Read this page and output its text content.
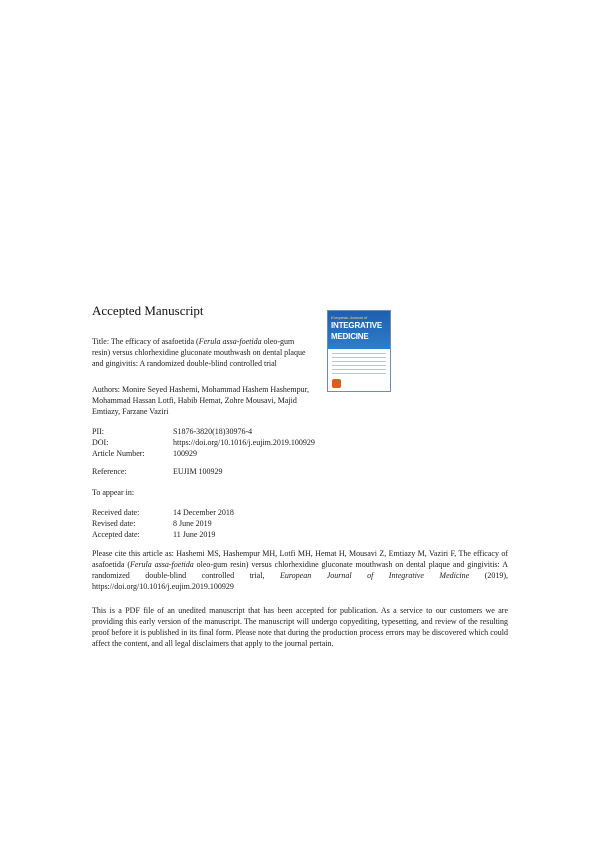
Accepted Manuscript	European Journal of
INTEGRATIVE
MEDICINE
Title: The efficacy of asafoetida (Ferula assa-foetida oleo-gum resin) versus chlorhexidine gluconate mouthwash on dental plaque and gingivitis: A randomized double-blind controlled trial
Authors: Monire Seyed Hashemi, Mohammad Hashem Hashempur, Mohammad Hassan Lotfi, Habib Hemat, Zohre Mousavi, Majid Emtiazy, Farzane Vaziri
PII:	S1876-3820(18)30976-4
DOI:	https://doi.org/10.1016/j.eujim.2019.100929
Article Number:	100929
Reference:	EUJIM 100929
To appear in:
Received date:	14 December 2018
Revised date:	8 June 2019
Accepted date:	11 June 2019
Please cite this article as: Hashemi MS, Hashempur MH, Lotfi MH, Hemat H, Mousavi Z, Emtiazy M, Vaziri F, The efficacy of asafoetida (Ferula assa-foetida oleo-gum resin) versus chlorhexidine gluconate mouthwash on dental plaque and gingivitis: A randomized double-blind controlled trial, European Journal of Integrative Medicine (2019), https://doi.org/10.1016/j.eujim.2019.100929
This is a PDF file of an unedited manuscript that has been accepted for publication. As a service to our customers we are providing this early version of the manuscript. The manuscript will undergo copyediting, typesetting, and review of the resulting proof before it is published in its final form. Please note that during the production process errors may be discovered which could affect the content, and all legal disclaimers that apply to the journal pertain.
